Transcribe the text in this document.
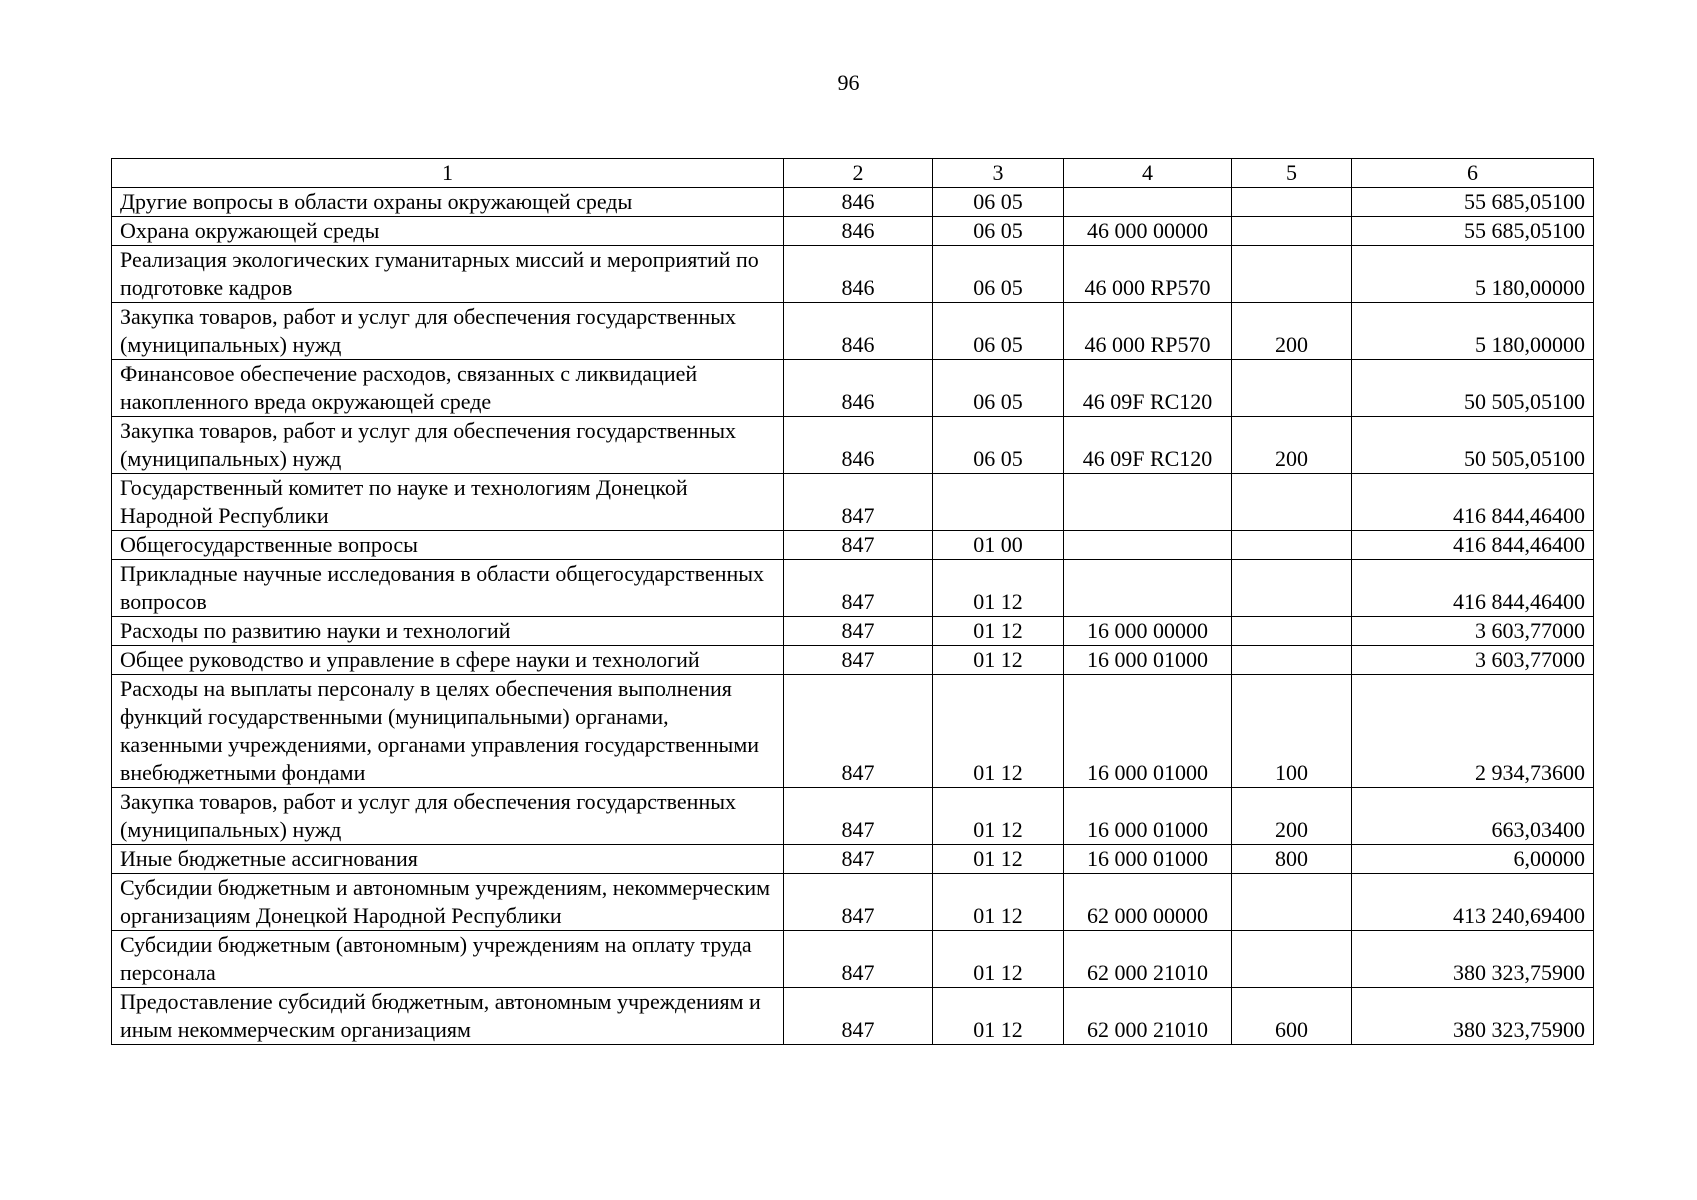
96
1	2	3	4	5	6
Другие вопросы в области охраны окружающей среды	846	06 05			55 685,05100
Охрана окружающей среды	846	06 05	46 000 00000		55 685,05100
Реализация экологических гуманитарных миссий и мероприятий по подготовке кадров	846	06 05	46 000 RP570		5 180,00000
Закупка товаров, работ и услуг для обеспечения государственных (муниципальных) нужд	846	06 05	46 000 RP570	200	5 180,00000
Финансовое обеспечение расходов, связанных с ликвидацией накопленного вреда окружающей среде	846	06 05	46 09F RC120		50 505,05100
Закупка товаров, работ и услуг для обеспечения государственных (муниципальных) нужд	846	06 05	46 09F RC120	200	50 505,05100
Государственный комитет по науке и технологиям Донецкой Народной Республики	847				416 844,46400
Общегосударственные вопросы	847	01 00			416 844,46400
Прикладные научные исследования в области общегосударственных вопросов	847	01 12			416 844,46400
Расходы по развитию науки и технологий	847	01 12	16 000 00000		3 603,77000
Общее руководство и управление в сфере науки и технологий	847	01 12	16 000 01000		3 603,77000
Расходы на выплаты персоналу в целях обеспечения выполнения функций государственными (муниципальными) органами, казенными учреждениями, органами управления государственными внебюджетными фондами	847	01 12	16 000 01000	100	2 934,73600
Закупка товаров, работ и услуг для обеспечения государственных (муниципальных) нужд	847	01 12	16 000 01000	200	663,03400
Иные бюджетные ассигнования	847	01 12	16 000 01000	800	6,00000
Субсидии бюджетным и автономным учреждениям, некоммерческим организациям Донецкой Народной Республики	847	01 12	62 000 00000		413 240,69400
Субсидии бюджетным (автономным) учреждениям на оплату труда персонала	847	01 12	62 000 21010		380 323,75900
Предоставление субсидий бюджетным, автономным учреждениям и иным некоммерческим организациям	847	01 12	62 000 21010	600	380 323,75900
